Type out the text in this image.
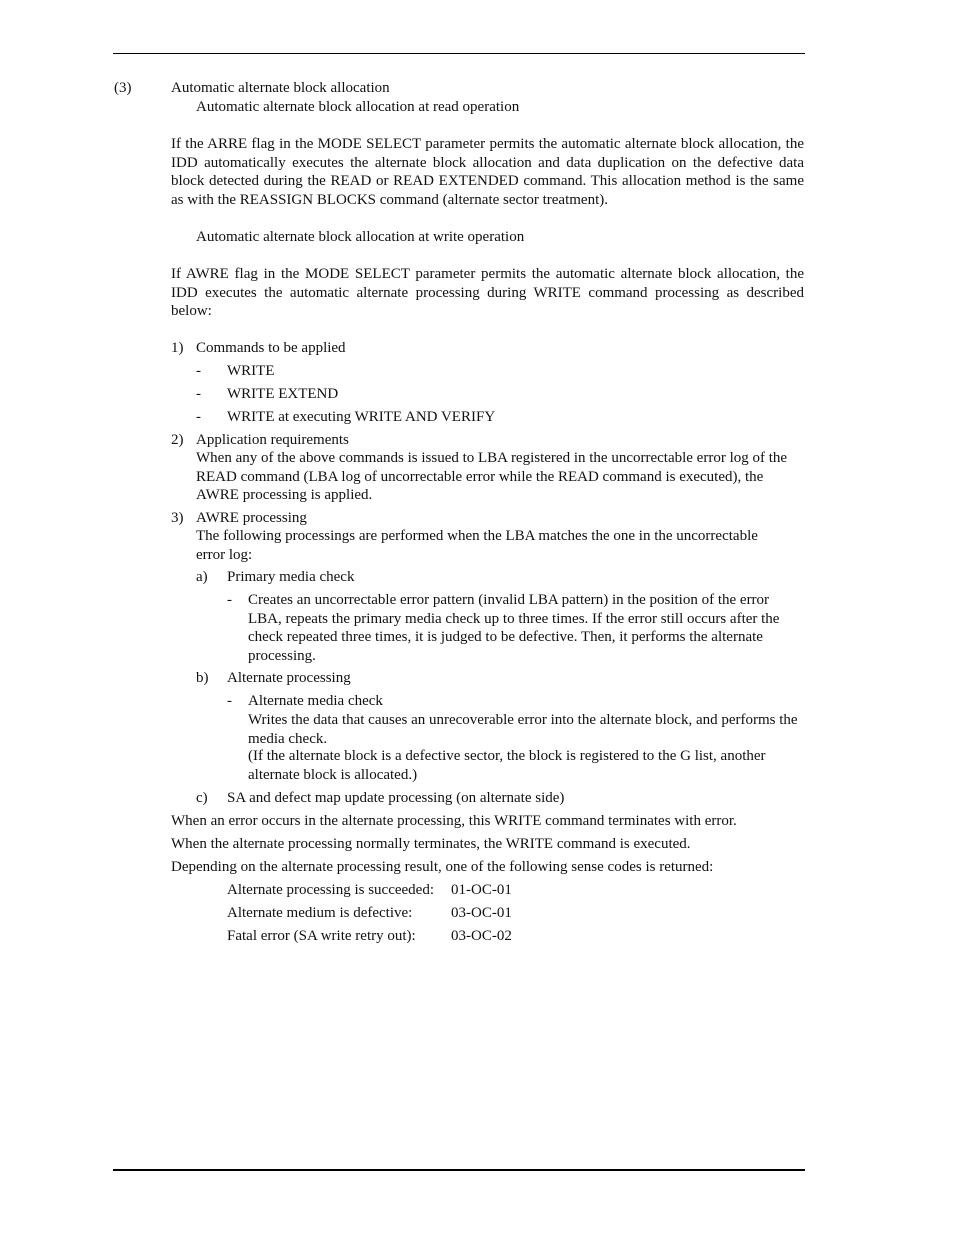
(3)	Automatic alternate block allocation
Automatic alternate block allocation at read operation
If the ARRE flag in the MODE SELECT parameter permits the automatic alternate block allocation, the IDD automatically executes the alternate block allocation and data duplication on the defective data block detected during the READ or READ EXTENDED command. This allocation method is the same as with the REASSIGN BLOCKS command (alternate sector treatment).
Automatic alternate block allocation at write operation
If AWRE flag in the MODE SELECT parameter permits the automatic alternate block allocation, the IDD executes the automatic alternate processing during WRITE command processing as described below:
1) Commands to be applied
- WRITE
- WRITE EXTEND
- WRITE at executing WRITE AND VERIFY
2) Application requirements
When any of the above commands is issued to LBA registered in the uncorrectable error log of the READ command (LBA log of uncorrectable error while the READ command is executed), the AWRE processing is applied.
3) AWRE processing
The following processings are performed when the LBA matches the one in the uncorrectable error log:
a) Primary media check
- Creates an uncorrectable error pattern (invalid LBA pattern) in the position of the error LBA, repeats the primary media check up to three times. If the error still occurs after the check repeated three times, it is judged to be defective. Then, it performs the alternate processing.
b) Alternate processing
- Alternate media check
Writes the data that causes an unrecoverable error into the alternate block, and performs the media check.
(If the alternate block is a defective sector, the block is registered to the G list, another alternate block is allocated.)
c) SA and defect map update processing (on alternate side)
When an error occurs in the alternate processing, this WRITE command terminates with error.
When the alternate processing normally terminates, the WRITE command is executed.
Depending on the alternate processing result, one of the following sense codes is returned:
Alternate processing is succeeded: 01-OC-01
Alternate medium is defective:	03-OC-01
Fatal error (SA write retry out): 03-OC-02
